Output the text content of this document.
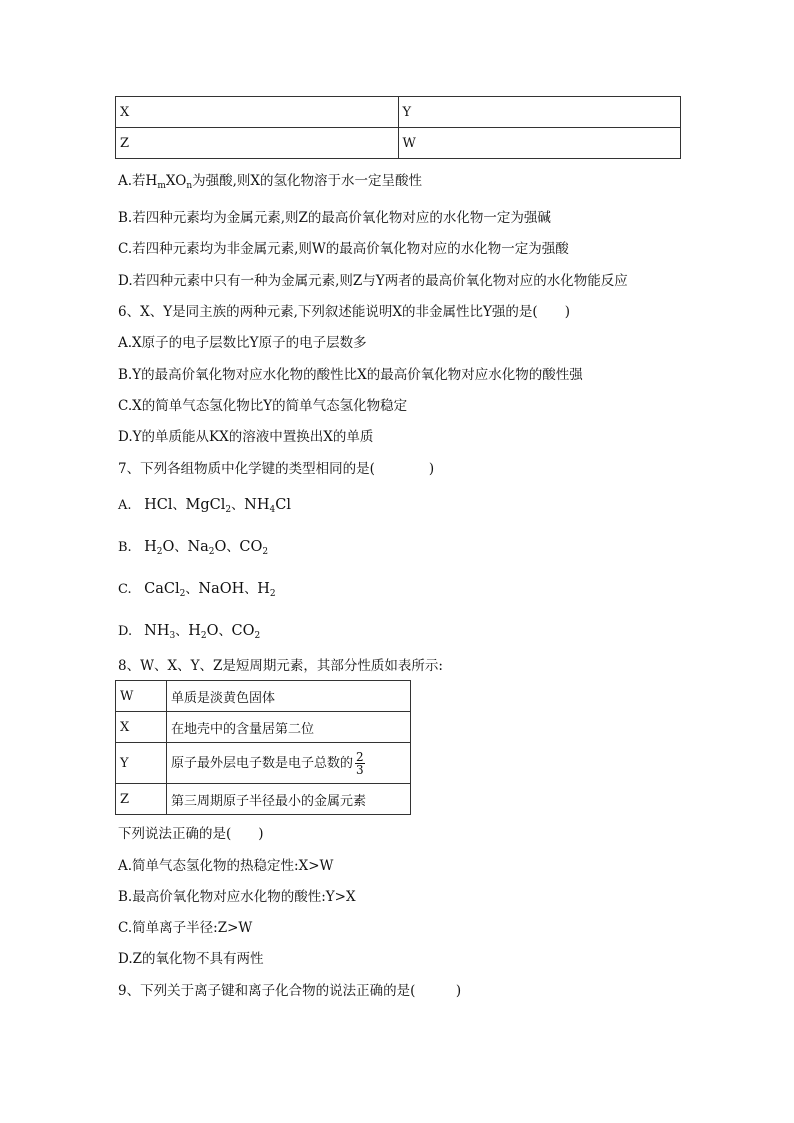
X	Y
Z	W
A.若$H_mXO_n$为强酸,则X的氢化物溶于水一定呈酸性
B.若四种元素均为金属元素,则Z的最高价氧化物对应的水化物一定为强碱
C.若四种元素均为非金属元素,则W的最高价氧化物对应的水化物一定为强酸
D.若四种元素中只有一种为金属元素,则Z与Y两者的最高价氧化物对应的水化物能反应
6、X、Y是同主族的两种元素,下列叙述能说明X的非金属性比Y强的是(　　)
A.X原子的电子层数比Y原子的电子层数多
B.Y的最高价氧化物对应水化物的酸性比X的最高价氧化物对应水化物的酸性强
C.X的简单气态氢化物比Y的简单气态氢化物稳定
D.Y的单质能从KX的溶液中置换出X的单质
7、下列各组物质中化学键的类型相同的是(　　　　)
A. HCl、MgCl$_2$、$NH_4Cl$
B. $H_2O$、$Na_2O$、$CO_2$
C. CaCl$_2$、NaOH、$H_2$
D. $NH_3$、$H_2O$、$CO_2$
8、W、X、Y、Z是短周期元素，其部分性质如表所示:
W	单质是淡黄色固体
X	在地壳中的含量居第二位
Y	原子最外层电子数是电子总数的 $\frac{2}{3}$

Z	第三周期原子半径最小的金属元素
下列说法正确的是(　　)
A.简单气态氢化物的热稳定性:X>W
B.最高价氧化物对应水化物的酸性:Y>X
C.简单离子半径:Z>W
D.Z的氧化物不具有两性
9、下列关于离子键和离子化合物的说法正确的是(　　　)
